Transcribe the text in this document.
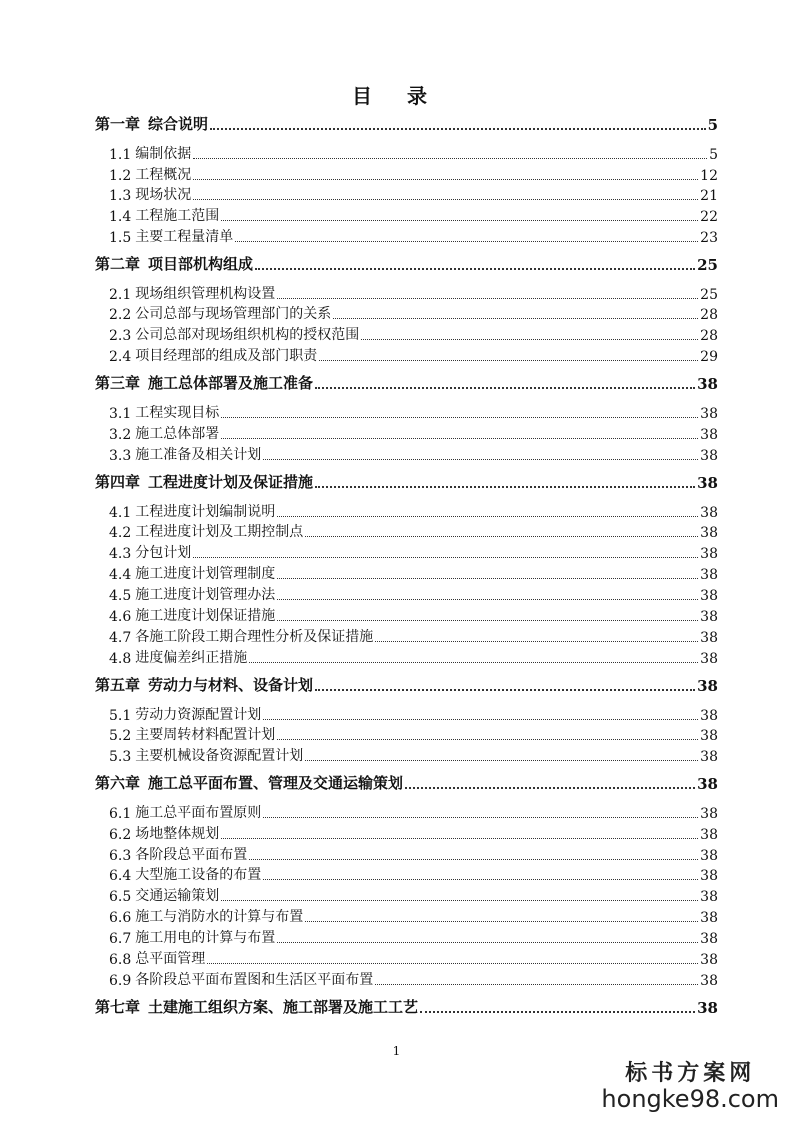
目 录
第一章 综合说明	5
1.1 编制依据	5
1.2 工程概况	12
1.3 现场状况	21
1.4 工程施工范围	22
1.5 主要工程量清单	23
第二章 项目部机构组成	25
2.1 现场组织管理机构设置	25
2.2 公司总部与现场管理部门的关系	28
2.3 公司总部对现场组织机构的授权范围	28
2.4 项目经理部的组成及部门职责	29
第三章 施工总体部署及施工准备	38
3.1 工程实现目标	38
3.2 施工总体部署	38
3.3 施工准备及相关计划	38
第四章 工程进度计划及保证措施	38
4.1 工程进度计划编制说明	38
4.2 工程进度计划及工期控制点	38
4.3 分包计划	38
4.4 施工进度计划管理制度	38
4.5 施工进度计划管理办法	38
4.6 施工进度计划保证措施	38
4.7 各施工阶段工期合理性分析及保证措施	38
4.8 进度偏差纠正措施	38
第五章 劳动力与材料、设备计划	38
5.1 劳动力资源配置计划	38
5.2 主要周转材料配置计划	38
5.3 主要机械设备资源配置计划	38
第六章 施工总平面布置、管理及交通运输策划	38
6.1 施工总平面布置原则	38
6.2 场地整体规划	38
6.3 各阶段总平面布置	38
6.4 大型施工设备的布置	38
6.5 交通运输策划	38
6.6 施工与消防水的计算与布置	38
6.7 施工用电的计算与布置	38
6.8 总平面管理	38
6.9 各阶段总平面布置图和生活区平面布置	38
第七章 土建施工组织方案、施工部署及施工工艺	38
1
标书方案网
hongke98.com
